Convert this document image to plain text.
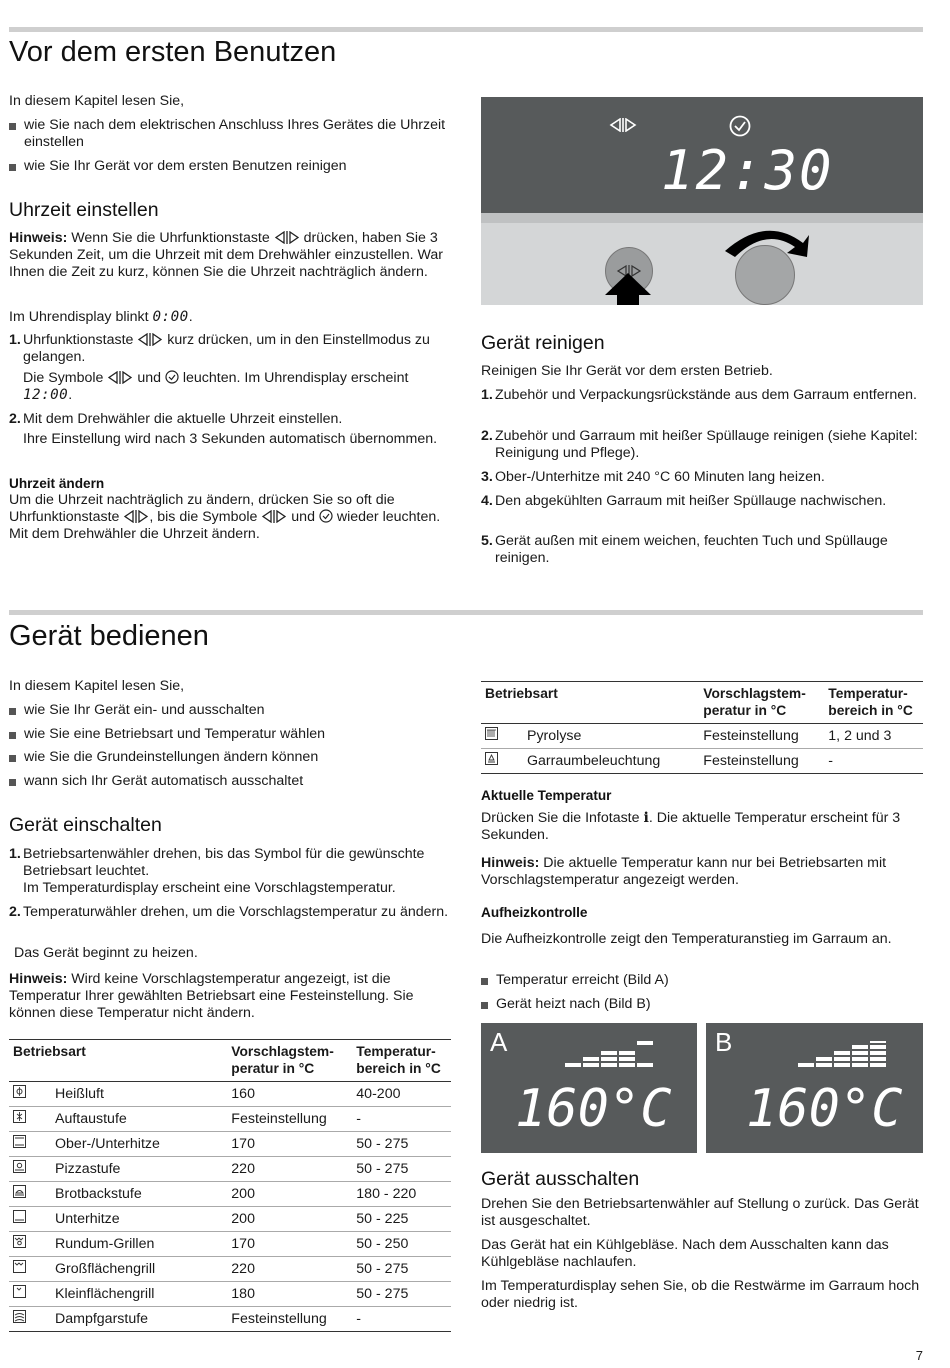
Vor dem ersten Benutzen
In diesem Kapitel lesen Sie,
wie Sie nach dem elektrischen Anschluss Ihres Gerätes die Uhrzeit einstellen
wie Sie Ihr Gerät vor dem ersten Benutzen reinigen
Uhrzeit einstellen
Hinweis: Wenn Sie die Uhrfunktionstaste  drücken, haben Sie 3 Sekunden Zeit, um die Uhrzeit mit dem Drehwähler einzustellen. War Ihnen die Zeit zu kurz, können Sie die Uhrzeit nachträglich ändern.
Im Uhrendisplay blinkt 0:00.
1. Uhrfunktionstaste  kurz drücken, um in den Einstellmodus zu gelangen.
Die Symbole  und  leuchten. Im Uhrendisplay erscheint 12:00.
2. Mit dem Drehwähler die aktuelle Uhrzeit einstellen.
Ihre Einstellung wird nach 3 Sekunden automatisch übernommen.
Uhrzeit ändern
Um die Uhrzeit nachträglich zu ändern, drücken Sie so oft die Uhrfunktionstaste , bis die Symbole  und  wieder leuchten. Mit dem Drehwähler die Uhrzeit ändern.
12:30
Gerät reinigen
Reinigen Sie Ihr Gerät vor dem ersten Betrieb.
1. Zubehör und Verpackungsrückstände aus dem Garraum entfernen.
2. Zubehör und Garraum mit heißer Spüllauge reinigen (siehe Kapitel: Reinigung und Pflege).
3. Ober-/Unterhitze mit 240 °C 60 Minuten lang heizen.
4. Den abgekühlten Garraum mit heißer Spüllauge nachwischen.
5. Gerät außen mit einem weichen, feuchten Tuch und Spüllauge reinigen.
Gerät bedienen
In diesem Kapitel lesen Sie,
wie Sie Ihr Gerät ein- und ausschalten
wie Sie eine Betriebsart und Temperatur wählen
wie Sie die Grundeinstellungen ändern können
wann sich Ihr Gerät automatisch ausschaltet
Gerät einschalten
1. Betriebsartenwähler drehen, bis das Symbol für die gewünschte Betriebsart leuchtet.
Im Temperaturdisplay erscheint eine Vorschlagstemperatur.
2. Temperaturwähler drehen, um die Vorschlagstemperatur zu ändern.
Das Gerät beginnt zu heizen.
Hinweis: Wird keine Vorschlagstemperatur angezeigt, ist die Temperatur Ihrer gewählten Betriebsart eine Festeinstellung. Sie können diese Temperatur nicht ändern.
Betriebsart		Vorschlagstem-
peratur in °C	Temperatur-
bereich in °C
	Heißluft	160	40-200
	Auftaustufe	Festeinstellung	-
	Ober-/Unterhitze	170	50 - 275
	Pizzastufe	220	50 - 275
	Brotbackstufe	200	180 - 220
	Unterhitze	200	50 - 225
	Rundum-Grillen	170	50 - 250
	Großflächengrill	220	50 - 275
	Kleinflächengrill	180	50 - 275
	Dampfgarstufe	Festeinstellung	-
Betriebsart		Vorschlagstem-
peratur in °C	Temperatur-
bereich in °C
	Pyrolyse	Festeinstellung	1, 2 und 3
	Garraumbeleuchtung	Festeinstellung	-
Aktuelle Temperatur
Drücken Sie die Infotaste i. Die aktuelle Temperatur erscheint für 3 Sekunden.
Hinweis: Die aktuelle Temperatur kann nur bei Betriebsarten mit Vorschlagstemperatur angezeigt werden.
Aufheizkontrolle
Die Aufheizkontrolle zeigt den Temperaturanstieg im Garraum an.
Temperatur erreicht (Bild A)
Gerät heizt nach (Bild B)
A
160°C
B
160°C
Gerät ausschalten
Drehen Sie den Betriebsartenwähler auf Stellung o zurück. Das Gerät ist ausgeschaltet.
Das Gerät hat ein Kühlgebläse. Nach dem Ausschalten kann das Kühlgebläse nachlaufen.
Im Temperaturdisplay sehen Sie, ob die Restwärme im Garraum hoch oder niedrig ist.
7
